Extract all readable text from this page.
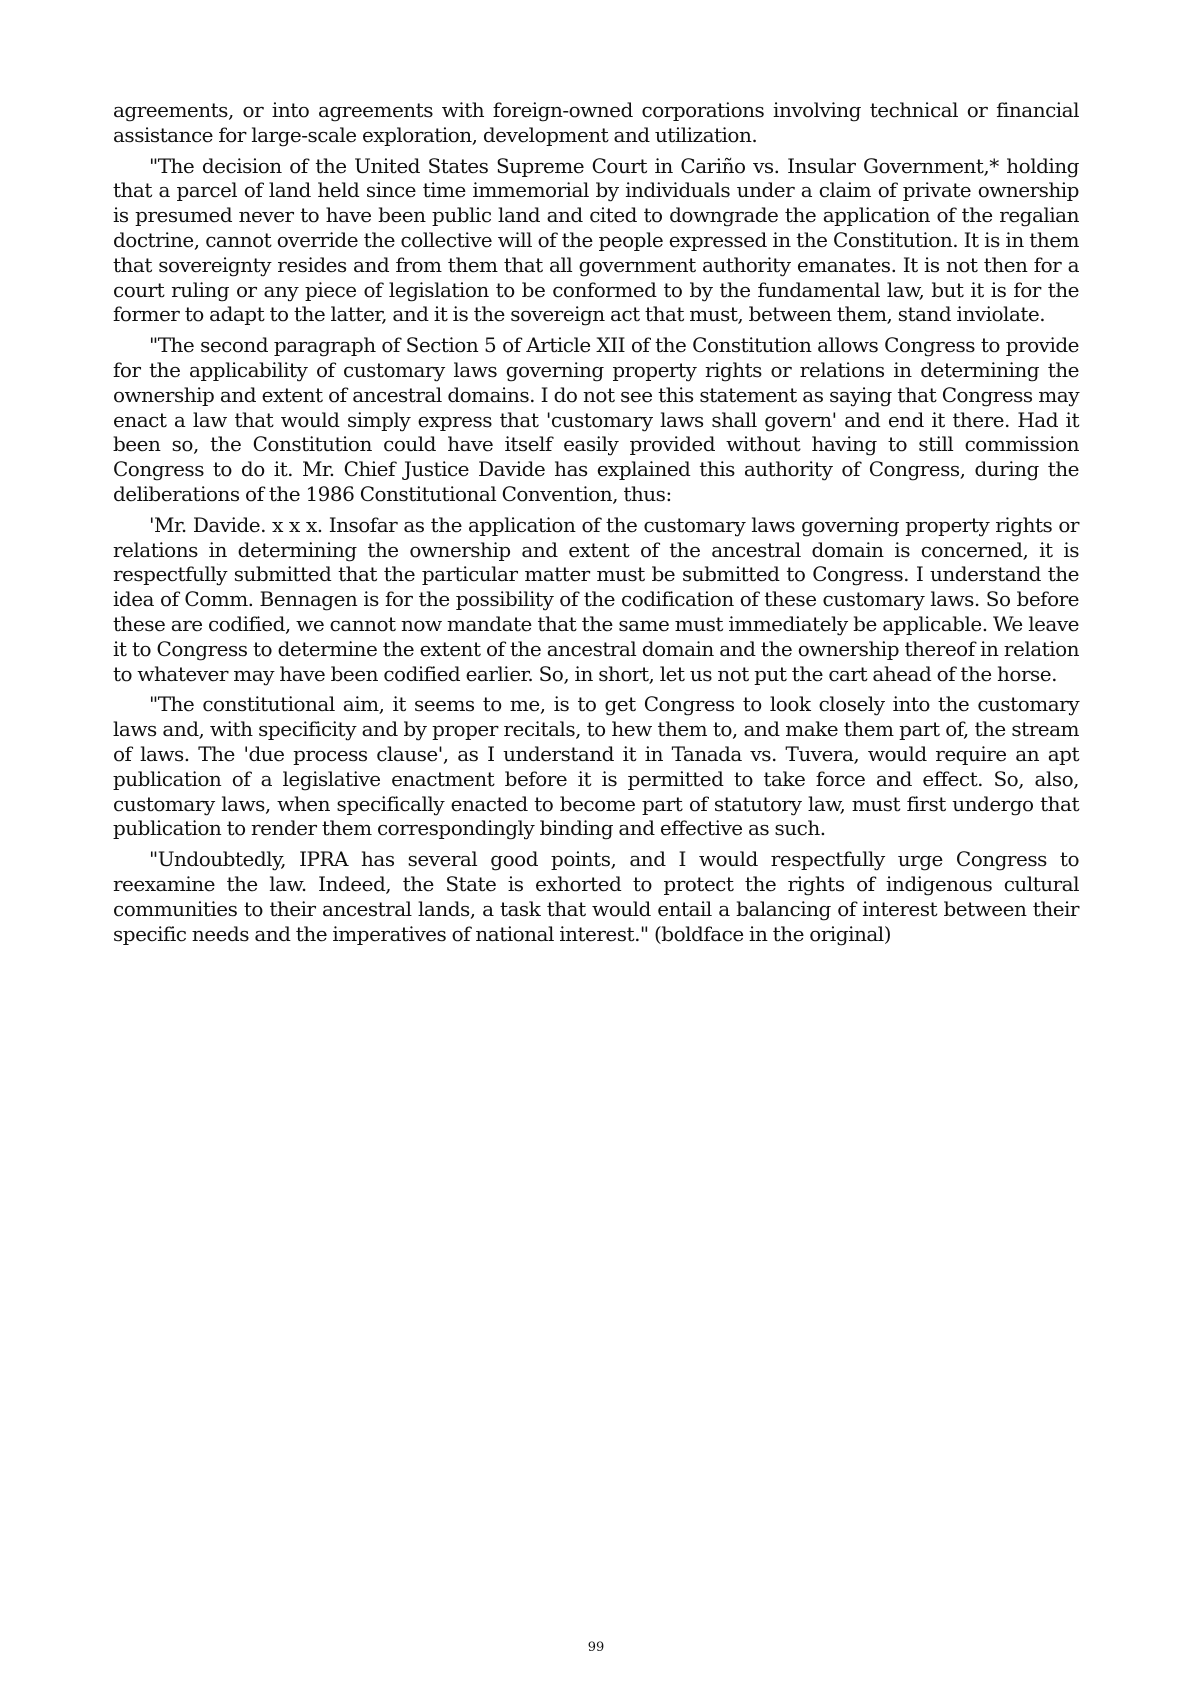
agreements, or into agreements with foreign-owned corporations involving technical or financial assistance for large-scale exploration, development and utilization.

"The decision of the United States Supreme Court in Cariño vs. Insular Government,* holding that a parcel of land held since time immemorial by individuals under a claim of private ownership is presumed never to have been public land and cited to downgrade the application of the regalian doctrine, cannot override the collective will of the people expressed in the Constitution. It is in them that sovereignty resides and from them that all government authority emanates. It is not then for a court ruling or any piece of legislation to be conformed to by the fundamental law, but it is for the former to adapt to the latter, and it is the sovereign act that must, between them, stand inviolate.

"The second paragraph of Section 5 of Article XII of the Constitution allows Congress to provide for the applicability of customary laws governing property rights or relations in determining the ownership and extent of ancestral domains. I do not see this statement as saying that Congress may enact a law that would simply express that 'customary laws shall govern' and end it there. Had it been so, the Constitution could have itself easily provided without having to still commission Congress to do it. Mr. Chief Justice Davide has explained this authority of Congress, during the deliberations of the 1986 Constitutional Convention, thus:

'Mr. Davide. x x x. Insofar as the application of the customary laws governing property rights or relations in determining the ownership and extent of the ancestral domain is concerned, it is respectfully submitted that the particular matter must be submitted to Congress. I understand the idea of Comm. Bennagen is for the possibility of the codification of these customary laws. So before these are codified, we cannot now mandate that the same must immediately be applicable. We leave it to Congress to determine the extent of the ancestral domain and the ownership thereof in relation to whatever may have been codified earlier. So, in short, let us not put the cart ahead of the horse.

"The constitutional aim, it seems to me, is to get Congress to look closely into the customary laws and, with specificity and by proper recitals, to hew them to, and make them part of, the stream of laws. The 'due process clause', as I understand it in Tanada vs. Tuvera, would require an apt publication of a legislative enactment before it is permitted to take force and effect. So, also, customary laws, when specifically enacted to become part of statutory law, must first undergo that publication to render them correspondingly binding and effective as such.

"Undoubtedly, IPRA has several good points, and I would respectfully urge Congress to reexamine the law. Indeed, the State is exhorted to protect the rights of indigenous cultural communities to their ancestral lands, a task that would entail a balancing of interest between their specific needs and the imperatives of national interest." (boldface in the original)

99
